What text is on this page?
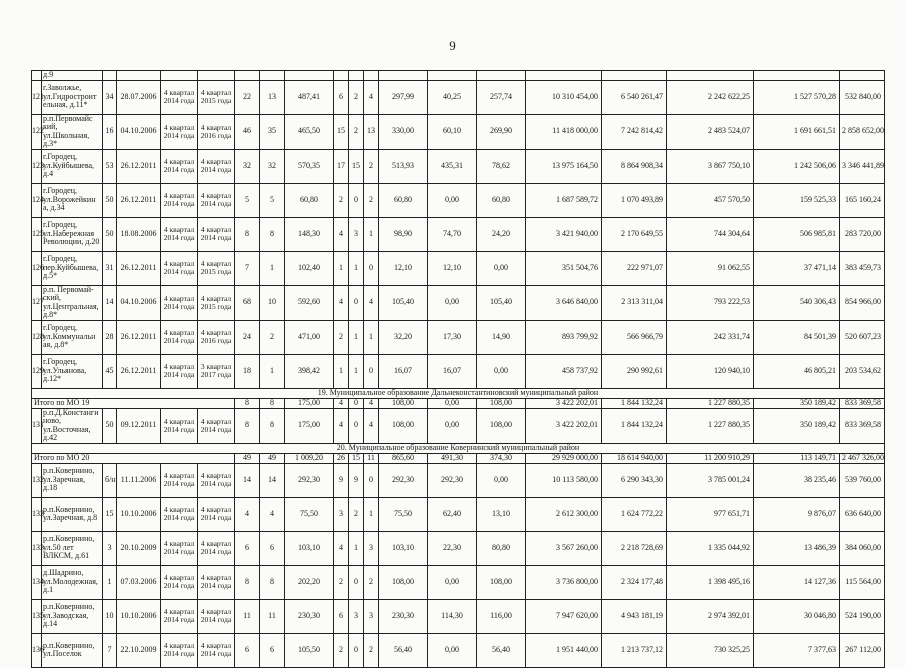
9
	д.9																		
121	г.Заволжье, ул.Гидростроит ельная, д.11*	34	28.07.2006	4 квартал 2014 года	4 квартал 2015 года	22	13	487,41	6	2	4	297,99	40,25	257,74	10 310 454,00	6 540 261,47	2 242 622,25	1 527 570,28	532 840,00
122	р.п.Первомайс кий, ул.Школьная, д.3*	16	04.10.2006	4 квартал 2014 года	4 квартал 2016 года	46	35	465,50	15	2	13	330,00	60,10	269,90	11 418 000,00	7 242 814,42	2 483 524,07	1 691 661,51	2 858 652,00
123	г.Городец, ул.Куйбышева, д.4	53	26.12.2011	4 квартал 2014 года	4 квартал 2014 года	32	32	570,35	17	15	2	513,93	435,31	78,62	13 975 164,50	8 864 908,34	3 867 750,10	1 242 506,06	3 346 441,89
124	г.Городец, ул.Ворожейкин а, д.34	50	26.12.2011	4 квартал 2014 года	4 квартал 2014 года	5	5	60,80	2	0	2	60,80	0,00	60,80	1 687 589,72	1 070 493,89	457 570,50	159 525,33	165 160,24
125	г.Городец, ул.Набережная Революции, д.20	50	18.08.2006	4 квартал 2014 года	4 квартал 2014 года	8	8	148,30	4	3	1	98,90	74,70	24,20	3 421 940,00	2 170 649,55	744 304,64	506 985,81	283 720,00
126	г.Городец, пер.Куйбышева, д.5*	31	26.12.2011	4 квартал 2014 года	4 квартал 2015 года	7	1	102,40	1	1	0	12,10	12,10	0,00	351 504,76	222 971,07	91 062,55	37 471,14	383 459,73
127	р.п. Первомай- ский, ул.Центральная, д.8*	14	04.10.2006	4 квартал 2014 года	4 квартал 2015 года	68	10	592,60	4	0	4	105,40	0,00	105,40	3 646 840,00	2 313 311,04	793 222,53	540 306,43	854 966,00
128	г.Городец, ул.Коммунальн ая, д.8*	28	26.12.2011	4 квартал 2014 года	4 квартал 2016 года	24	2	471,00	2	1	1	32,20	17,30	14,90	893 799,92	566 966,79	242 331,74	84 501,39	520 607,23
129	г.Городец, ул.Ульянова, д.12*	45	26.12.2011	4 квартал 2014 года	3 квартал 2017 года	18	1	398,42	1	1	0	16,07	16,07	0,00	458 737,92	290 992,61	120 940,10	46 805,21	203 534,62
19. Муниципальное образование Дальнеконстантиновский муниципальный район																			
Итого по МО 19						8	8	175,00	4	0	4	108,00	0,00	108,00	3 422 202,01	1 844 132,24	1 227 880,35	350 189,42	833 369,58
131	р.п.Д.Констанги ново, ул.Восточная, д.42	50	09.12.2011	4 квартал 2014 года	4 квартал 2014 года	8	8	175,00	4	0	4	108,00	0,00	108,00	3 422 202,01	1 844 132,24	1 227 880,35	350 189,42	833 369,58
20. Муниципальное образование Ковернинский муниципальный район																			
Итого по МО 20						49	49	1 009,20	26	15	11	865,60	491,30	374,30	29 929 000,00	18 614 940,00	11 200 910,29	113 149,71	2 467 326,00
132	р.п.Ковернино, ул.Заречная, д.18	б/н	11.11.2006	4 квартал 2014 года	4 квартал 2014 года	14	14	292,30	9	9	0	292,30	292,30	0,00	10 113 580,00	6 290 343,30	3 785 001,24	38 235,46	539 760,00
133	р.п.Ковернино, ул.Заречная, д.8	15	10.10.2006	4 квартал 2014 года	4 квартал 2014 года	4	4	75,50	3	2	1	75,50	62,40	13,10	2 612 300,00	1 624 772,22	977 651,71	9 876,07	636 640,00
133	р.п.Ковернино, ул.50 лет ВЛКСМ, д.61	3	20.10.2009	4 квартал 2014 года	4 квартал 2014 года	6	6	103,10	4	1	3	103,10	22,30	80,80	3 567 260,00	2 218 728,69	1 335 044,92	13 486,39	384 060,00
134	д.Шадрино, ул.Молодежная, д.1	1	07.03.2006	4 квартал 2014 года	4 квартал 2014 года	8	8	202,20	2	0	2	108,00	0,00	108,00	3 736 800,00	2 324 177,48	1 398 495,16	14 127,36	115 564,00
135	р.п.Ковернино, ул.Заводская, д.14	10	10.10.2006	4 квартал 2014 года	4 квартал 2014 года	11	11	230,30	6	3	3	230,30	114,30	116,00	7 947 620,00	4 943 181,19	2 974 392,01	30 046,80	524 190,00
136	р.п.Ковернино, ул.Поселок	7	22.10.2009	4 квартал 2014 года	4 квартал 2014 года	6	6	105,50	2	0	2	56,40	0,00	56,40	1 951 440,00	1 213 737,12	730 325,25	7 377,63	267 112,00
